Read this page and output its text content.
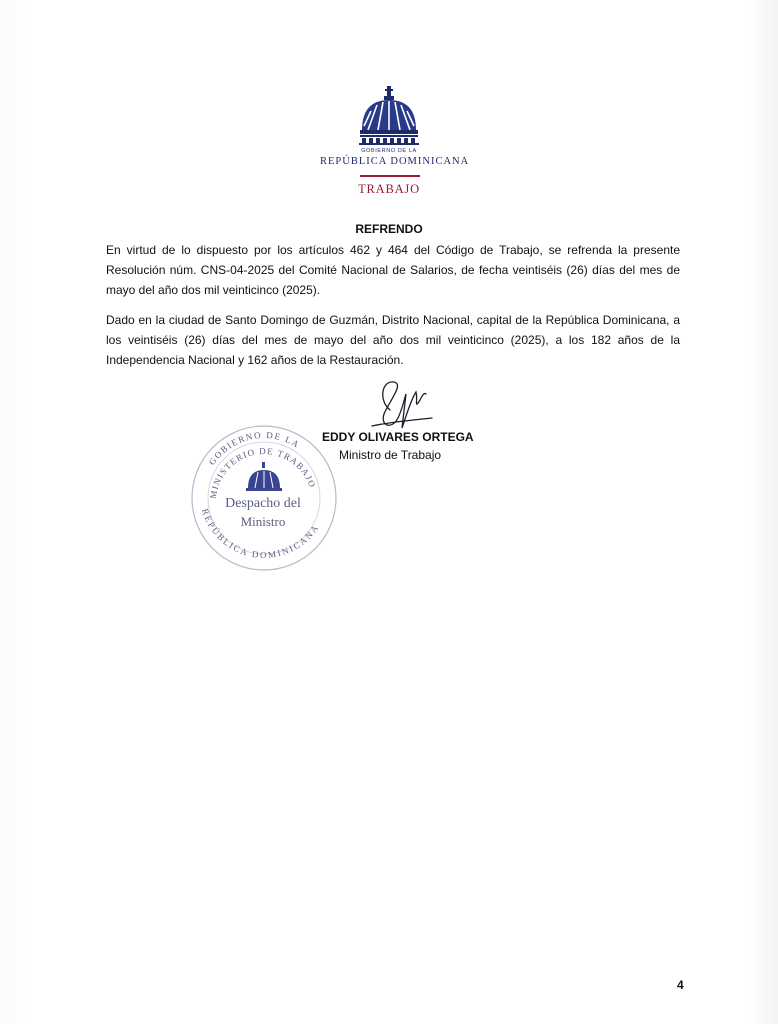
GOBIERNO DE LA
REPÚBLICA DOMINICANA
TRABAJO
REFRENDO

En virtud de lo dispuesto por los artículos 462 y 464 del Código de Trabajo, se refrenda la presente Resolución núm. CNS-04-2025 del Comité Nacional de Salarios, de fecha veintiséis (26) días del mes de mayo del año dos mil veinticinco (2025).

Dado en la ciudad de Santo Domingo de Guzmán, Distrito Nacional, capital de la República Dominicana, a los veintiséis (26) días del mes de mayo del año dos mil veinticinco (2025), a los 182 años de la Independencia Nacional y 162 años de la Restauración.

GOBIERNO DE LA
MINISTERIO DE TRABAJO
REPÚBLICA DOMINICANA
Despacho del
Ministro
EDDY OLIVARES ORTEGA
Ministro de Trabajo
4
